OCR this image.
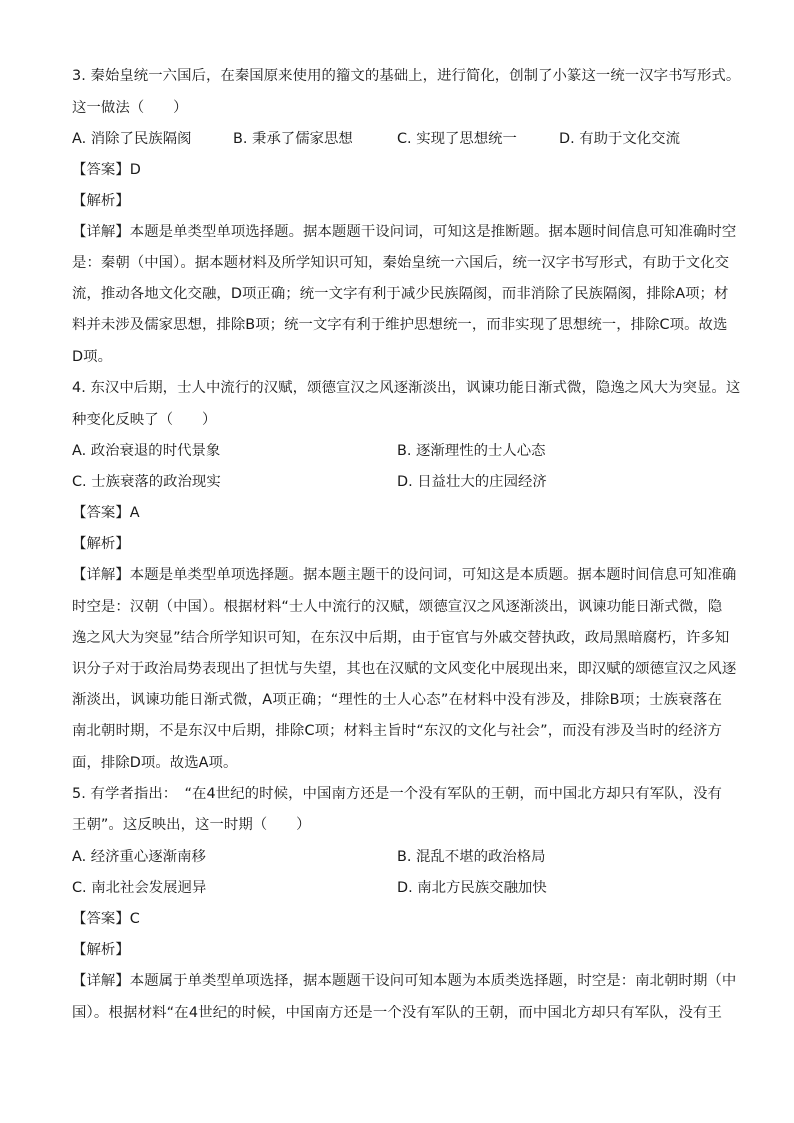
3. 秦始皇统一六国后，在秦国原来使用的籀文的基础上，进行简化，创制了小篆这一统一汉字书写形式。
这一做法（　　）
A. 消除了民族隔阂	B. 秉承了儒家思想	C. 实现了思想统一	D. 有助于文化交流
【答案】D
【解析】
【详解】本题是单类型单项选择题。据本题题干设问词，可知这是推断题。据本题时间信息可知准确时空
是：秦朝（中国）。据本题材料及所学知识可知，秦始皇统一六国后，统一汉字书写形式，有助于文化交
流，推动各地文化交融，D项正确；统一文字有利于减少民族隔阂，而非消除了民族隔阂，排除A项；材
料并未涉及儒家思想，排除B项；统一文字有利于维护思想统一，而非实现了思想统一，排除C项。故选
D项。
4. 东汉中后期，士人中流行的汉赋，颂德宣汉之风逐渐淡出，讽谏功能日渐式微，隐逸之风大为突显。这
种变化反映了（　　）
A. 政治衰退的时代景象	B. 逐渐理性的士人心态
C. 士族衰落的政治现实	D. 日益壮大的庄园经济
【答案】A
【解析】
【详解】本题是单类型单项选择题。据本题主题干的设问词，可知这是本质题。据本题时间信息可知准确
时空是：汉朝（中国）。根据材料“士人中流行的汉赋，颂德宣汉之风逐渐淡出，讽谏功能日渐式微，隐
逸之风大为突显”结合所学知识可知，在东汉中后期，由于宦官与外戚交替执政，政局黑暗腐朽，许多知
识分子对于政治局势表现出了担忧与失望，其也在汉赋的文风变化中展现出来，即汉赋的颂德宣汉之风逐
渐淡出，讽谏功能日渐式微，A项正确；“理性的士人心态”在材料中没有涉及，排除B项；士族衰落在
南北朝时期，不是东汉中后期，排除C项；材料主旨时“东汉的文化与社会”，而没有涉及当时的经济方
面，排除D项。故选A项。
5. 有学者指出：　“在4世纪的时候，中国南方还是一个没有军队的王朝，而中国北方却只有军队，没有
王朝”。这反映出，这一时期（　　）
A. 经济重心逐渐南移	B. 混乱不堪的政治格局
C. 南北社会发展迥异	D. 南北方民族交融加快
【答案】C
【解析】
【详解】本题属于单类型单项选择，据本题题干设问可知本题为本质类选择题，时空是：南北朝时期（中
国）。根据材料“在4世纪的时候，中国南方还是一个没有军队的王朝，而中国北方却只有军队，没有王
